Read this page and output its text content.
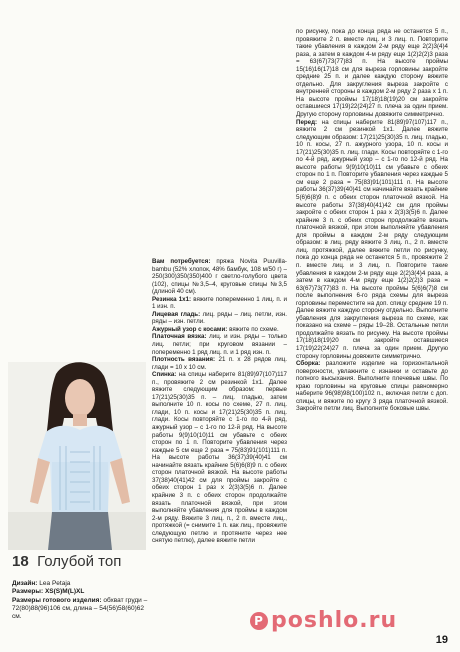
18 Голубой топ
Дизайн: Lea Petaja
Размеры: XS(S)M(L)XL
Размеры готового изделия: обхват груди – 72(80)88(96)106 см, длина – 54(56)58(60)62 см.

Вам потребуется: пряжа Novita Puuvilla-bambu (52% хлопок, 48% бамбук, 108 м/50 г) – 250(300)350(350)400 г светло-голубого цвета (102), спицы №3,5–4, круговые спицы №3,5 (длиной 40 см).

Резинка 1х1: вяжите попеременно 1 лиц. п. и 1 изн. п.

Лицевая гладь: лиц. ряды – лиц. петли, изн. ряды – изн. петли.

Ажурный узор с косами: вяжите по схеме.

Платочная вязка: лиц. и изн. ряды – только лиц. петли; при круговом вязании – попеременно 1 ряд лиц. п. и 1 ряд изн. п.

Плотность вязания: 21 п. х 28 рядов лиц. глади = 10 х 10 см.

Спинка: на спицы наберите 81(89)97(107)117 п., провяжите 2 см резинкой 1х1. Далее вяжите следующим образом: первые 17(21)25(30)35 п. – лиц. гладью, затем выполните 10 п. косы по схеме, 27 п. лиц. глади, 10 п. косы и 17(21)25(30)35 п. лиц. глади. Косы повторяйте с 1-го по 4-й ряд, ажурный узор – с 1-го по 12-й ряд. На высоте работы 9(9)10(10)11 см убавьте с обеих сторон по 1 п. Повторите убавления через каждые 5 см еще 2 раза = 75(83)91(101)111 п. На высоте работы 36(37)39(40)41 см начинайте вязать крайние 5(6)6(8)9 п. с обеих сторон платочной вязкой. На высоте работы 37(38)40(41)42 см для проймы закройте с обеих сторон 1 раз х 2(3)3(5)6 п. Далее крайние 3 п. с обеих сторон продолжайте вязать платочной вязкой, при этом выполняйте убавления для проймы в каждом 2-м ряду. Вяжите 3 лиц. п., 2 п. вместе лиц., протяжкой (= снимите 1 п. как лиц., провяжите следующую петлю и протяните через нее снятую петлю), далее вяжите петли

по рисунку, пока до конца ряда не останется 5 п., провяжите 2 п. вместе лиц. и 3 лиц. п. Повторите такие убавления в каждом 2-м ряду еще 2(2)3(4)4 раза, а затем в каждом 4-м ряду еще 1(2)2(2)3 раза = 63(67)73(77)83 п. На высоте проймы 15(16)16(17)18 см для выреза горловины закройте средние 25 п. и далее каждую сторону вяжите отдельно. Для закругления выреза закройте с внутренней стороны в каждом 2-м ряду 2 раза х 1 п. На высоте проймы 17(18)18(19)20 см закройте оставшиеся 17(19)22(24)27 п. плеча за один прием. Другую сторону горловины довяжите симметрично.

Перед: на спицы наберите 81(89)97(107)117 п., вяжите 2 см резинкой 1х1. Далее вяжите следующим образом: 17(21)25(30)35 п. лиц. гладью, 10 п. косы, 27 п. ажурного узора, 10 п. косы и 17(21)25(30)35 п. лиц. глади. Косы повторяйте с 1-го по 4-й ряд, ажурный узор – с 1-го по 12-й ряд. На высоте работы 9(9)10(10)11 см убавьте с обеих сторон по 1 п. Повторите убавления через каждые 5 см еще 2 раза = 75(83)91(101)111 п. На высоте работы 36(37)39(40)41 см начинайте вязать крайние 5(6)6(8)9 п. с обеих сторон платочной вязкой. На высоте работы 37(38)40(41)42 см для проймы закройте с обеих сторон 1 раз х 2(3)3(5)6 п. Далее крайние 3 п. с обеих сторон продолжайте вязать платочной вязкой, при этом выполняйте убавления для проймы в каждом 2-м ряду следующим образом: в лиц. ряду вяжите 3 лиц. п., 2 п. вместе лиц. протяжкой, далее вяжите петли по рисунку, пока до конца ряда не останется 5 п., провяжите 2 п. вместе лиц. и 3 лиц. п. Повторите такие убавления в каждом 2-м ряду еще 2(2)3(4)4 раза, а затем в каждом 4-м ряду еще 1(2)2(2)3 раза = 63(67)73(77)83 п. На высоте проймы 5(6)6(7)8 см после выполнения 6-го ряда схемы для выреза горловины переместите на доп. спицу средние 19 п. Далее вяжите каждую сторону отдельно. Выполните убавления для закругления выреза по схеме, как показано на схеме – ряды 19–28. Остальные петли продолжайте вязать по рисунку. На высоте проймы 17(18)18(19)20 см закройте оставшиеся 17(19)22(24)27 п. плеча за один прием. Другую сторону горловины довяжите симметрично.

Сборка: разложите изделие на горизонтальной поверхности, увлажните с изнанки и оставьте до полного высыхания. Выполните плечевые швы. По краю горловины на круговые спицы равномерно наберите 96(98)98(100)102 п., включая петли с доп. спицы, и вяжите по кругу 3 ряда платочной вязкой. Закройте петли лиц. Выполните боковые швы.

P poshlo.ru
19
